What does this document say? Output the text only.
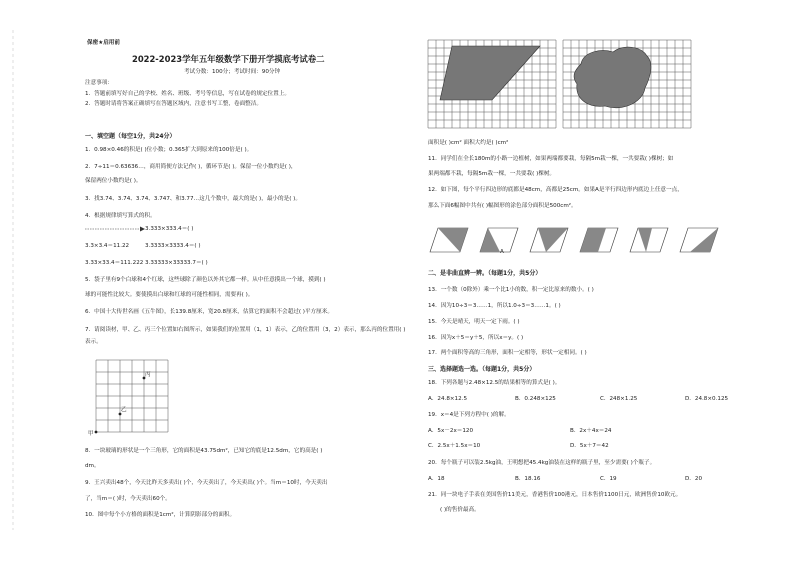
保密★启用前
2022-2023学年五年级数学下册开学摸底考试卷二
考试分数：100分；考试时间：90分钟
注意事项：
1．答题前填写好自己的学校、姓名、班级、考号等信息，写在试卷的规定位置上。
2．答题时请将答案正确填写在答题区域内，注意书写工整，卷面整洁。
一、填空题（每空1分，共24分）
1．0.98×0.46的积是( )位小数；0.365扩大到原来的100倍是( )。
2．7÷11＝0.63636…，商用简便方法记作( )，循环节是( )。保留一位小数约是( )，
保留两位小数约是( )。
3．找3.74、3.7̇4̇、3.7̇4̇、3.747、和3.77…这几个数中，最大的是( )，最小的是( )。
4．根据规律填写算式的积。
3.333×333.4＝( )
3.3×3.4＝11.22	3.3333×3333.4＝( )
3.33×33.4＝111.222 3.33333×33333.7＝( )
5．袋子里有9个白球和4个红球，这些球除了颜色以外其它都一样。从中任意摸出一个球，摸到( )
球的可能性比较大。要使摸出白球和红球的可能性相同，需要再( )。
6．中国十大传世名画《五牛图》，长139.8厘米，宽20.8厘米，估算它的面积不会超过( )平方厘米。
7．请阅读材，甲、乙、丙三个位置如右图所示，如果我们的位置用（1，1）表示，乙的位置用（3，2）表示，那么丙的位置用( )表示。
丙
乙
甲
8．一块玻璃的形状是一个三角形，它的面积是43.75dm²，已知它的底是12.5dm，它的高是( )
dm。
9．王兴卖出48个，今天比昨天多卖出( )个，今天卖出了，今天卖出( )个。当m＝10时，今天卖出
了，当m＝( )时，今天卖出60个。
10．图中每个小方格的面积是1cm²，计算阴影部分的面积。
面积是( )cm² 面积大约是( )cm²
11．同学们在全长180m的小路一边植树，如果两端都要栽，每隔5m栽一棵，一共要栽( )棵树；如
果两端都不栽，每隔5m栽一棵，一共要栽( )棵树。
12．如下图，每个平行四边形的底都是48cm，高都是25cm。如果A是平行四边形内底边上任意一点，
那么下面6幅图中共有( )幅图形的涂色部分面积是500cm²。
A
二、是非曲直辨一辨。（每题1分，共5分）
13．一个数（0除外）乘一个比1小的数，积一定比原来的数小。( )
14．因为10÷3＝3……1，所以1.0÷3＝3……1。( )
15．今天是晴天，明天一定下雨。( )
16．因为x＋5＝y＋5，所以x＝y。( )
17．两个面积等高的三角形，面积一定相等，形状一定相同。( )
三、选择题选一选。（每题1分，共5分）
18．下列各题与2.48×12.5的结果相等的算式是( )。
A．24.8×12.5	B．0.248×125	C．248×1.25	D．24.8×0.125
19．x＝4是下列方程中( )的解。
A．5x－2x＝120	B．2x＋4x＝24
C．2.5x＋1.5x＝10	D．5x＋7＝42
20．每个瓶子可以装2.5kg油，王明想把45.4kg油装在这样的瓶子里，至少需要( )个瓶子。
A．18	B．18.16	C．19	D．20
21．同一块电子手表在美国售价11美元，香港售价100港元，日本售价1100日元，欧洲售价10欧元。
( )的售价最高。
